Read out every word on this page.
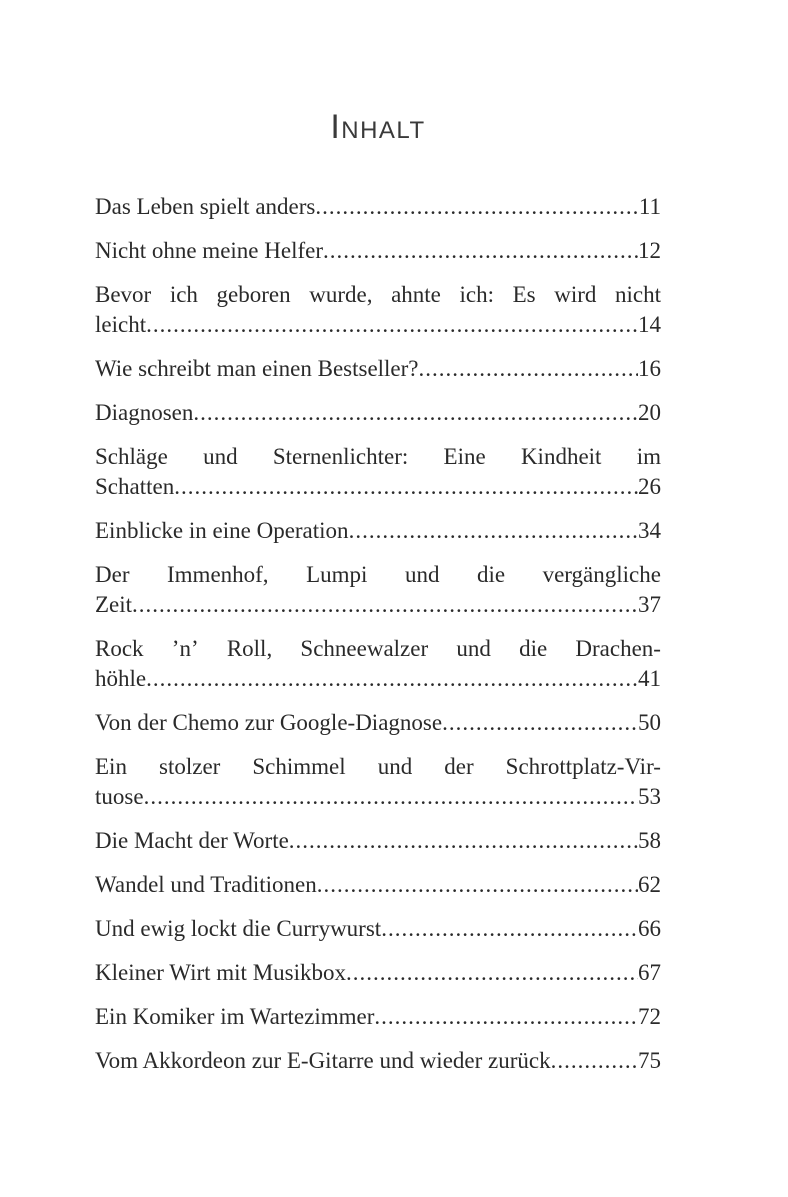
Inhalt
Das Leben spielt anders .....	11
Nicht ohne meine Helfer .....	12
Bevor ich geboren wurde, ahnte ich: Es wird nicht
leicht .....	14
Wie schreibt man einen Bestseller? .....	16
Diagnosen .....	20
Schläge und Sternenlichter: Eine Kindheit im
Schatten .....	26
Einblicke in eine Operation .....	34
Der Immenhof, Lumpi und die vergängliche
Zeit .....	37
Rock ’n’ Roll, Schneewalzer und die Drachen-
höhle .....	41
Von der Chemo zur Google-Diagnose .....	50
Ein stolzer Schimmel und der Schrottplatz-Vir-
tuose .....	53
Die Macht der Worte .....	58
Wandel und Traditionen .....	62
Und ewig lockt die Currywurst .....	66
Kleiner Wirt mit Musikbox .....	67
Ein Komiker im Wartezimmer .....	72
Vom Akkordeon zur E-Gitarre und wieder zurück .....	75
